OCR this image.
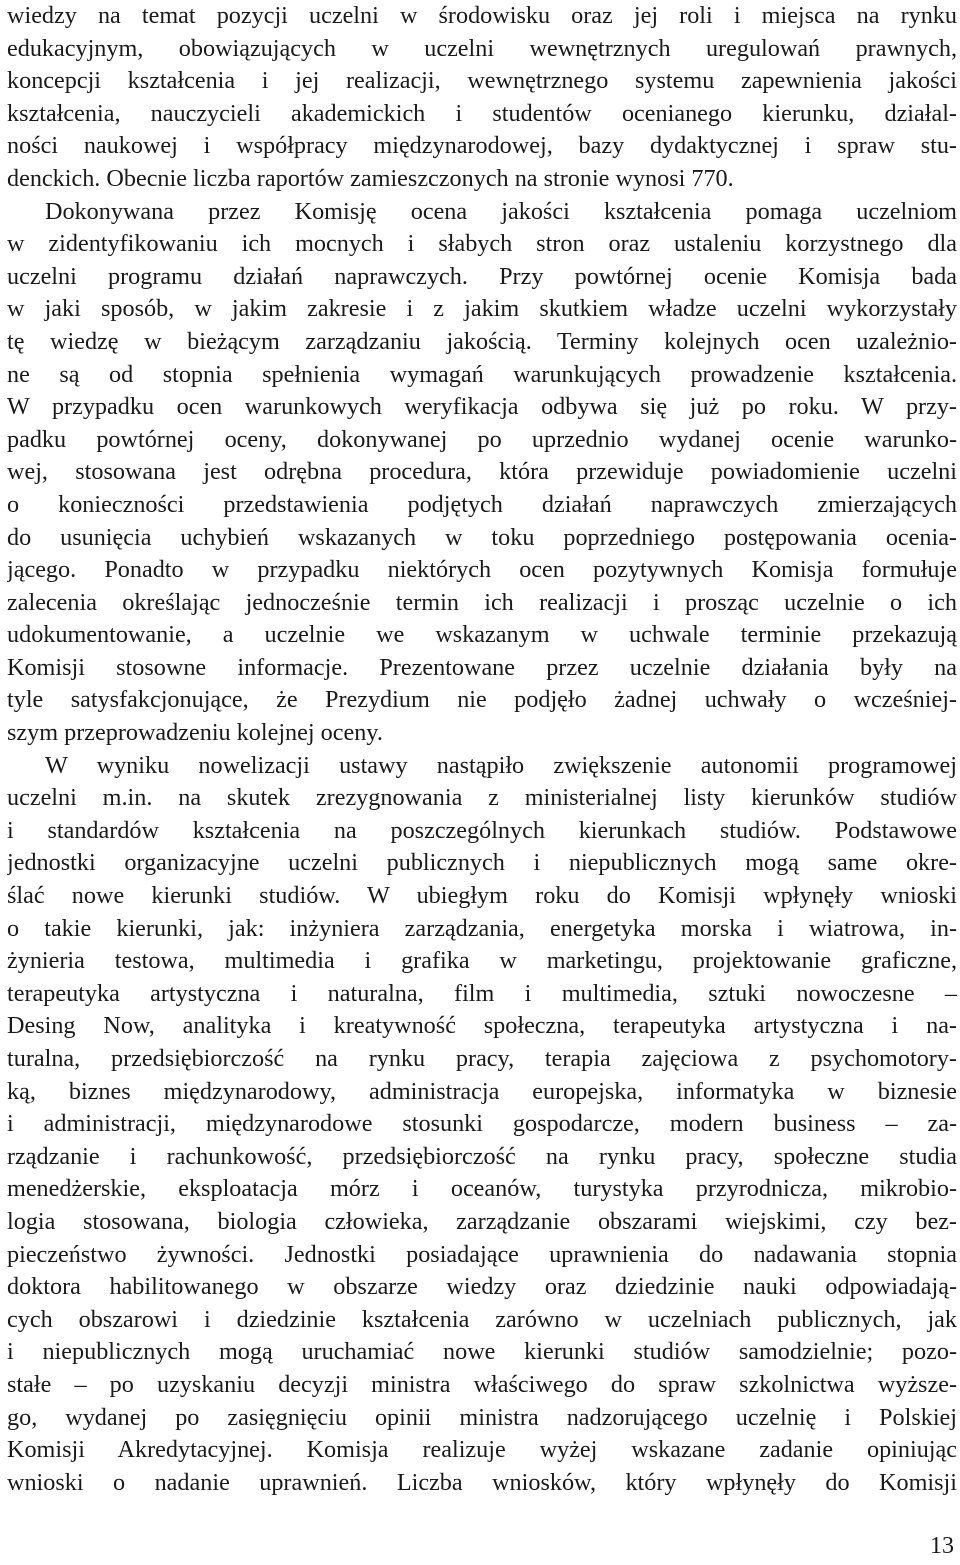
wiedzy na temat pozycji uczelni w środowisku oraz jej roli i miejsca na rynku
edukacyjnym, obowiązujących w uczelni wewnętrznych uregulowań prawnych,
koncepcji kształcenia i jej realizacji, wewnętrznego systemu zapewnienia jakości
kształcenia, nauczycieli akademickich i studentów ocenianego kierunku, działal-
ności naukowej i współpracy międzynarodowej, bazy dydaktycznej i spraw stu-
denckich. Obecnie liczba raportów zamieszczonych na stronie wynosi 770.
Dokonywana przez Komisję ocena jakości kształcenia pomaga uczelniom
w zidentyfikowaniu ich mocnych i słabych stron oraz ustaleniu korzystnego dla
uczelni programu działań naprawczych. Przy powtórnej ocenie Komisja bada
w jaki sposób, w jakim zakresie i z jakim skutkiem władze uczelni wykorzystały
tę wiedzę w bieżącym zarządzaniu jakością. Terminy kolejnych ocen uzależnio-
ne są od stopnia spełnienia wymagań warunkujących prowadzenie kształcenia.
W przypadku ocen warunkowych weryfikacja odbywa się już po roku. W przy-
padku powtórnej oceny, dokonywanej po uprzednio wydanej ocenie warunko-
wej, stosowana jest odrębna procedura, która przewiduje powiadomienie uczelni
o konieczności przedstawienia podjętych działań naprawczych zmierzających
do usunięcia uchybień wskazanych w toku poprzedniego postępowania oceniа-
jącego. Ponadto w przypadku niektórych ocen pozytywnych Komisja formułuje
zalecenia określając jednocześnie termin ich realizacji i prosząc uczelnie o ich
udokumentowanie, a uczelnie we wskazanym w uchwale terminie przekazują
Komisji stosowne informacje. Prezentowane przez uczelnie działania były na
tyle satysfakcjonujące, że Prezydium nie podjęło żadnej uchwały o wcześniej-
szym przeprowadzeniu kolejnej oceny.
W wyniku nowelizacji ustawy nastąpiło zwiększenie autonomii programowej
uczelni m.in. na skutek zrezygnowania z ministerialnej listy kierunków studiów
i standardów kształcenia na poszczególnych kierunkach studiów. Podstawowe
jednostki organizacyjne uczelni publicznych i niepublicznych mogą same okre-
ślać nowe kierunki studiów. W ubiegłym roku do Komisji wpłynęły wnioski
o takie kierunki, jak: inżyniera zarządzania, energetyka morska i wiatrowa, in-
żynieria testowa, multimedia i grafika w marketingu, projektowanie graficzne,
terapeutyka artystyczna i naturalna, film i multimedia, sztuki nowoczesne –
Desing Now, analityka i kreatywność społeczna, terapeutyka artystyczna i na-
turalna, przedsiębiorczość na rynku pracy, terapia zajęciowa z psychomotory-
ką, biznes międzynarodowy, administracja europejska, informatyka w biznesie
i administracji, międzynarodowe stosunki gospodarcze, modern business – za-
rządzanie i rachunkowość, przedsiębiorczość na rynku pracy, społeczne studia
menedżerskie, eksploatacja mórz i oceanów, turystyka przyrodnicza, mikrobio-
logia stosowana, biologia człowieka, zarządzanie obszarami wiejskimi, czy bez-
pieczeństwo żywności. Jednostki posiadające uprawnienia do nadawania stopnia
doktora habilitowanego w obszarze wiedzy oraz dziedzinie nauki odpowiadają-
cych obszarowi i dziedzinie kształcenia zarówno w uczelniach publicznych, jak
i niepublicznych mogą uruchamiać nowe kierunki studiów samodzielnie; pozo-
stałe – po uzyskaniu decyzji ministra właściwego do spraw szkolnictwa wyższe-
go, wydanej po zasięgnięciu opinii ministra nadzorującego uczelnię i Polskiej
Komisji Akredytacyjnej. Komisja realizuje wyżej wskazane zadanie opiniując
wnioski o nadanie uprawnień. Liczba wniosków, który wpłynęły do Komisji
13
